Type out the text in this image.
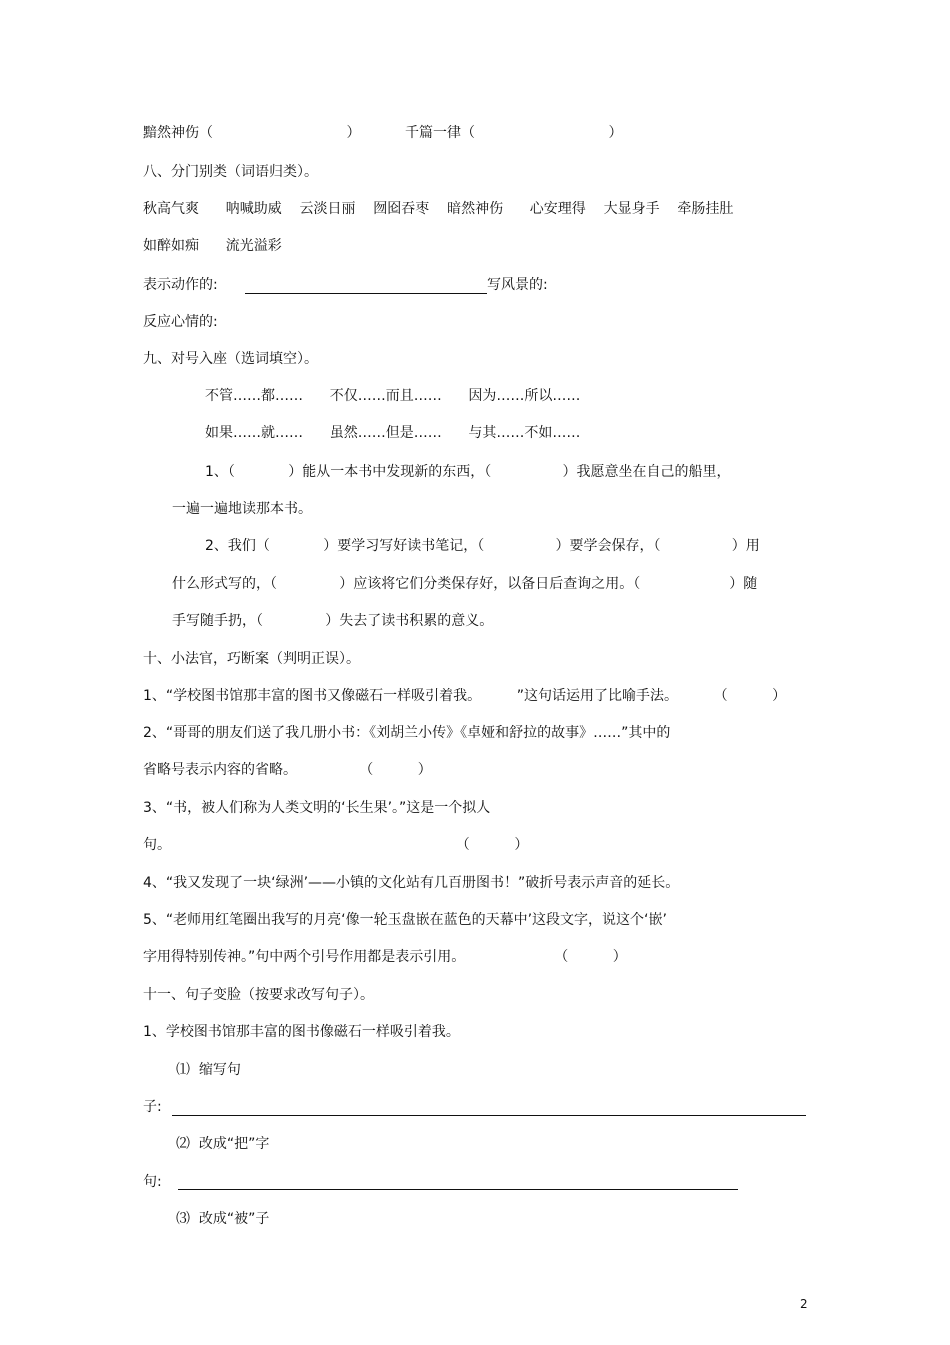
黯然神伤（                              ）          千篇一律（                              ）
八、分门别类（词语归类）。
秋高气爽      呐喊助威    云淡日丽    囫囵吞枣    暗然神伤      心安理得    大显身手    牵肠挂肚
如醉如痴      流光溢彩
表示动作的:	写风景的:
反应心情的:
九、对号入座（选词填空）。
不管……都……      不仅……而且……      因为……所以……
如果……就……      虽然……但是……      与其……不如……
1、（            ）能从一本书中发现新的东西，（                ）我愿意坐在自己的船里，
一遍一遍地读那本书。
2、我们（            ）要学习写好读书笔记，（                ）要学会保存，（                ）用
什么形式写的，（              ）应该将它们分类保存好，以备日后查询之用。（                    ）随
手写随手扔，（              ）失去了读书积累的意义。
十、小法官，巧断案（判明正误）。
1、“学校图书馆那丰富的图书又像磁石一样吸引着我。        ”这句话运用了比喻手法。        （          ）
2、“哥哥的朋友们送了我几册小书：《刘胡兰小传》《卓娅和舒拉的故事》……”其中的
省略号表示内容的省略。              （          ）
3、“书，被人们称为人类文明的‘长生果’。”这是一个拟人
句。                                                                （          ）
4、“我又发现了一块‘绿洲’——小镇的文化站有几百册图书！”破折号表示声音的延长。
5、“老师用红笔圈出我写的月亮‘像一轮玉盘嵌在蓝色的天幕中’这段文字，说这个‘嵌’
字用得特别传神。”句中两个引号作用都是表示引用。                    （          ）
十一、句子变脸（按要求改写句子）。
1、学校图书馆那丰富的图书像磁石一样吸引着我。
⑴  缩写句
子:
⑵  改成“把”字
句:
⑶  改成“被”子
2
